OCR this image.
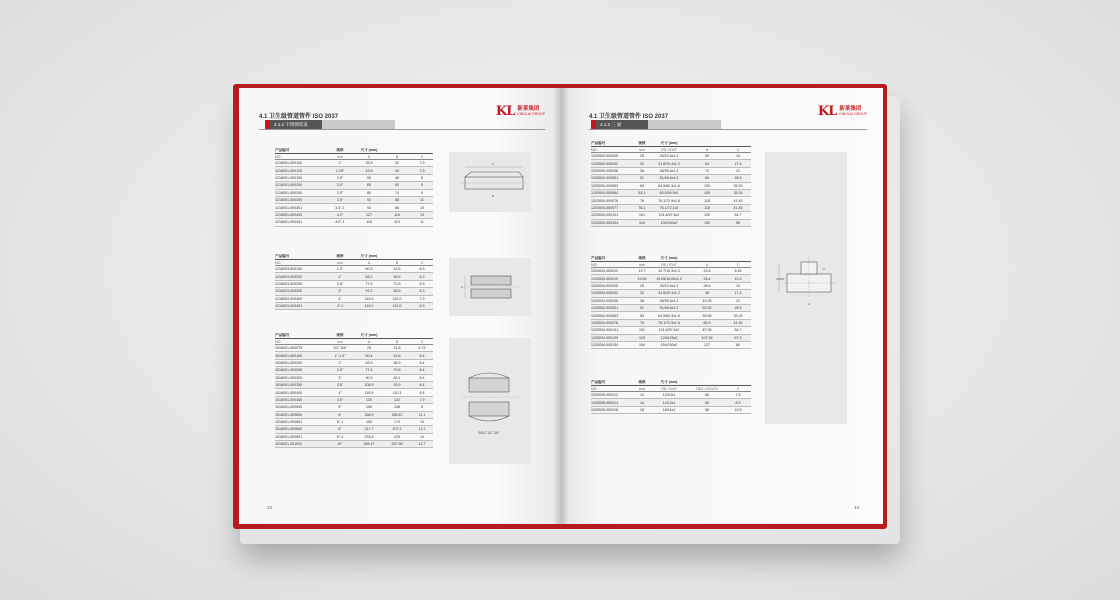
4.1 卫生级管道管件 ISO 2037	KL 新莱集团
KINGLAI GROUP
4.1.2 不锈钢管道
产品编号	规格	尺寸 (mm)
NO.	mm	A	B	C
1216001-000100	1"	35.5	32	7.5
1216001-000125	1.25"	43.5	40	7.5
1216001-000150	1.5"	55	48	8
1216001-000200	2.0"	65	60	9
1216001-000250	2.5"	80	74	9
1216001-000300	3.0"	93	88	11
1216001-000301	3.0"-1	93	86	10
1216001-000400	4.0"	127	116	13
1216001-000401	4.0"-1	118	113	11
产品编号	规格	尺寸 (mm)
NO.	mm	A	B	C
1216003-000150	1.5"	50.5	43.5	6.3
1216003-000200	2"	64.0	56.5	6.3
1216003-000250	2.5"	77.5	70.5	6.3
1216003-000300	3"	91.0	83.5	6.3
1216003-000400	4"	119.0	110.0	7.9
1216003-000401	4"-1	119.0	110.0	6.3
产品编号	规格	尺寸 (mm)
NO.	mm	A	B	C
1516001-000075	1/2"-3/4"	25	21.8	4.75
1516001-000100	1"-1.5"	50.4	43.6	6.4
1516001-000200	2"	63.9	56.3	6.4
1516001-000250	2.5"	77.4	70.6	6.4
1516001-000300	3"	90.9	83.1	6.4
1516001-000350	3.5"	105.9	93.9	6.4
1516001-000400	4"	118.9	110.3	6.4
1516001-000450	4.5"	130	122	7.9
1516001-000500	5"	155	146	8
1516001-000600	6"	166.9	156.87	11.1
1516001-000601	6"-1	183	174	14
1516001-000800	8"	217.7	207.2	12.7
1516001-000801	8"-1	233.5	225	14
1516001-001000	10"	268.47	257.96	12.7
A
B
C
BOLT 1/2"-3/4"
13
4.1 卫生级管道管件 ISO 2037	KL 新莱集团
KINGLAI GROUP
4.1.3 三 通
产品编号	规格	尺寸 (mm)
NO.	mm	OD / IDxT	A	C
1203000-000025	25	25/22.6x1.2	55	14
1203000-000032	32	31.8/29.4x1.2	64	17.4
1203000-000038	38	38/35.6x1.2	70	21
1203000-000051	51	51/48.6x1.2	80	26.5
1203000-000063	63	63.5/60.3x1.6	105	35.25
1203000-000064	63-1	63.5/59.5x2	105	35.25
1203000-000076	76	76.1/72.9x1.6	118	41.45
1203000-000077	76-1	76.1/72.1x2	118	41.45
1203000-000101	101	101.6/97.6x2	150	54.7
1203000-000104	104	104/100x2	150	56
产品编号	规格	尺寸 (mm)
NO.	mm	OD / IDxT	A	C
1203004-000012	12.7	12.7/10.3x1.2	23.8	6.45
1203004-000019	19.05	19.05/16.65x1.2	25.4	10.3
1203004-000025	25	25/22.6x1.2	28.6	14
1203004-000032	32	31.8/29.4x1.2	38	17.4
1203004-000038	38	38/35.6x1.2	42.05	21
1203004-000051	51	51/48.6x1.2	52.35	26.5
1203004-000063	63	63.5/60.3x1.6	59.55	35.25
1203004-000076	76	76.1/72.9x1.6	65.9	41.45
1203004-000101	101	101.6/97.6x2	87.35	54.7
1203004-000129	129	129/125x2	107.95	67.5
1203004-000154	154	154/150x2	127	80
产品编号	规格	尺寸 (mm)
NO.	mm	OD / IDxT	OD2 / ID2xT2	C
1203005-000012	12	12/10x1	56	7.5
1203005-000014	14	14/12x1	56	8.5
1203005-000018	18	18/16x1	56	10.5
OD/ID
A
C
14
